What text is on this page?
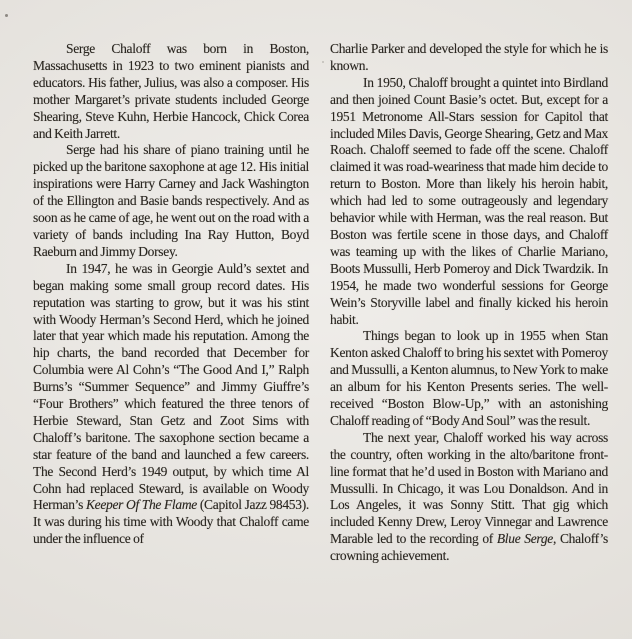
Serge Chaloff was born in Boston, Massachusetts in 1923 to two eminent pianists and educators. His father, Julius, was also a composer. His mother Margaret’s private students included George Shearing, Steve Kuhn, Herbie Hancock, Chick Corea and Keith Jarrett.

Serge had his share of piano training until he picked up the baritone saxophone at age 12. His initial inspirations were Harry Carney and Jack Washington of the Ellington and Basie bands respectively. And as soon as he came of age, he went out on the road with a variety of bands including Ina Ray Hutton, Boyd Raeburn and Jimmy Dorsey.

In 1947, he was in Georgie Auld’s sextet and began making some small group record dates. His reputation was starting to grow, but it was his stint with Woody Herman’s Second Herd, which he joined later that year which made his reputation. Among the hip charts, the band recorded that December for Columbia were Al Cohn’s “The Good And I,” Ralph Burns’s “Summer Sequence” and Jimmy Giuffre’s “Four Brothers” which featured the three tenors of Herbie Steward, Stan Getz and Zoot Sims with Chaloff’s baritone. The saxophone section became a star feature of the band and launched a few careers. The Second Herd’s 1949 output, by which time Al Cohn had replaced Steward, is available on Woody Herman’s Keeper Of The Flame (Capitol Jazz 98453). It was during his time with Woody that Chaloff came under the influence of

Charlie Parker and developed the style for which he is known.

In 1950, Chaloff brought a quintet into Birdland and then joined Count Basie’s octet. But, except for a 1951 Metronome All-Stars session for Capitol that included Miles Davis, George Shearing, Getz and Max Roach. Chaloff seemed to fade off the scene. Chaloff claimed it was road-weariness that made him decide to return to Boston. More than likely his heroin habit, which had led to some outrageously and legendary behavior while with Herman, was the real reason. But Boston was fertile scene in those days, and Chaloff was teaming up with the likes of Charlie Mariano, Boots Mussulli, Herb Pomeroy and Dick Twardzik. In 1954, he made two wonderful sessions for George Wein’s Storyville label and finally kicked his heroin habit.

Things began to look up in 1955 when Stan Kenton asked Chaloff to bring his sextet with Pomeroy and Mussulli, a Kenton alumnus, to New York to make an album for his Kenton Presents series. The well-received “Boston Blow-Up,” with an astonishing Chaloff reading of “Body And Soul” was the result.

The next year, Chaloff worked his way across the country, often working in the alto/baritone front-line format that he’d used in Boston with Mariano and Mussulli. In Chicago, it was Lou Donaldson. And in Los Angeles, it was Sonny Stitt. That gig which included Kenny Drew, Leroy Vinnegar and Lawrence Marable led to the recording of Blue Serge, Chaloff’s crowning achievement.
